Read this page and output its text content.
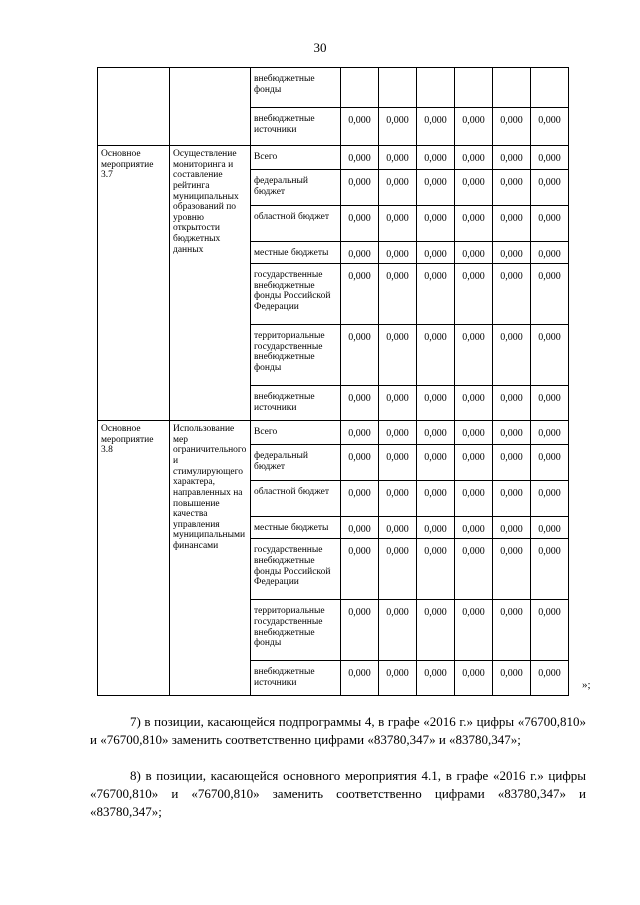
30
		внебюджетные фонды						
		внебюджетные источники	0,000	0,000	0,000	0,000	0,000	0,000
Основное мероприятие 3.7	Осуществление мониторинга и составление рейтинга муниципальных образований по уровню открытости бюджетных данных	Всего	0,000	0,000	0,000	0,000	0,000	0,000
		федеральный бюджет	0,000	0,000	0,000	0,000	0,000	0,000
		областной бюджет	0,000	0,000	0,000	0,000	0,000	0,000
		местные бюджеты	0,000	0,000	0,000	0,000	0,000	0,000
		государственные внебюджетные фонды Российской Федерации	0,000	0,000	0,000	0,000	0,000	0,000
		территориальные государственные внебюджетные фонды	0,000	0,000	0,000	0,000	0,000	0,000
		внебюджетные источники	0,000	0,000	0,000	0,000	0,000	0,000
Основное мероприятие 3.8	Использование мер ограничительного и стимулирующего характера, направленных на повышение качества управления муниципальными финансами	Всего	0,000	0,000	0,000	0,000	0,000	0,000
		федеральный бюджет	0,000	0,000	0,000	0,000	0,000	0,000
		областной бюджет	0,000	0,000	0,000	0,000	0,000	0,000
		местные бюджеты	0,000	0,000	0,000	0,000	0,000	0,000
		государственные внебюджетные фонды Российской Федерации	0,000	0,000	0,000	0,000	0,000	0,000
		территориальные государственные внебюджетные фонды	0,000	0,000	0,000	0,000	0,000	0,000
		внебюджетные источники	0,000	0,000	0,000	0,000	0,000	0,000
»;
7) в позиции, касающейся подпрограммы 4, в графе «2016 г.» цифры «76700,810» и «76700,810» заменить соответственно цифрами «83780,347» и «83780,347»;
8) в позиции, касающейся основного мероприятия 4.1, в графе «2016 г.» цифры «76700,810» и «76700,810» заменить соответственно цифрами «83780,347» и «83780,347»;
